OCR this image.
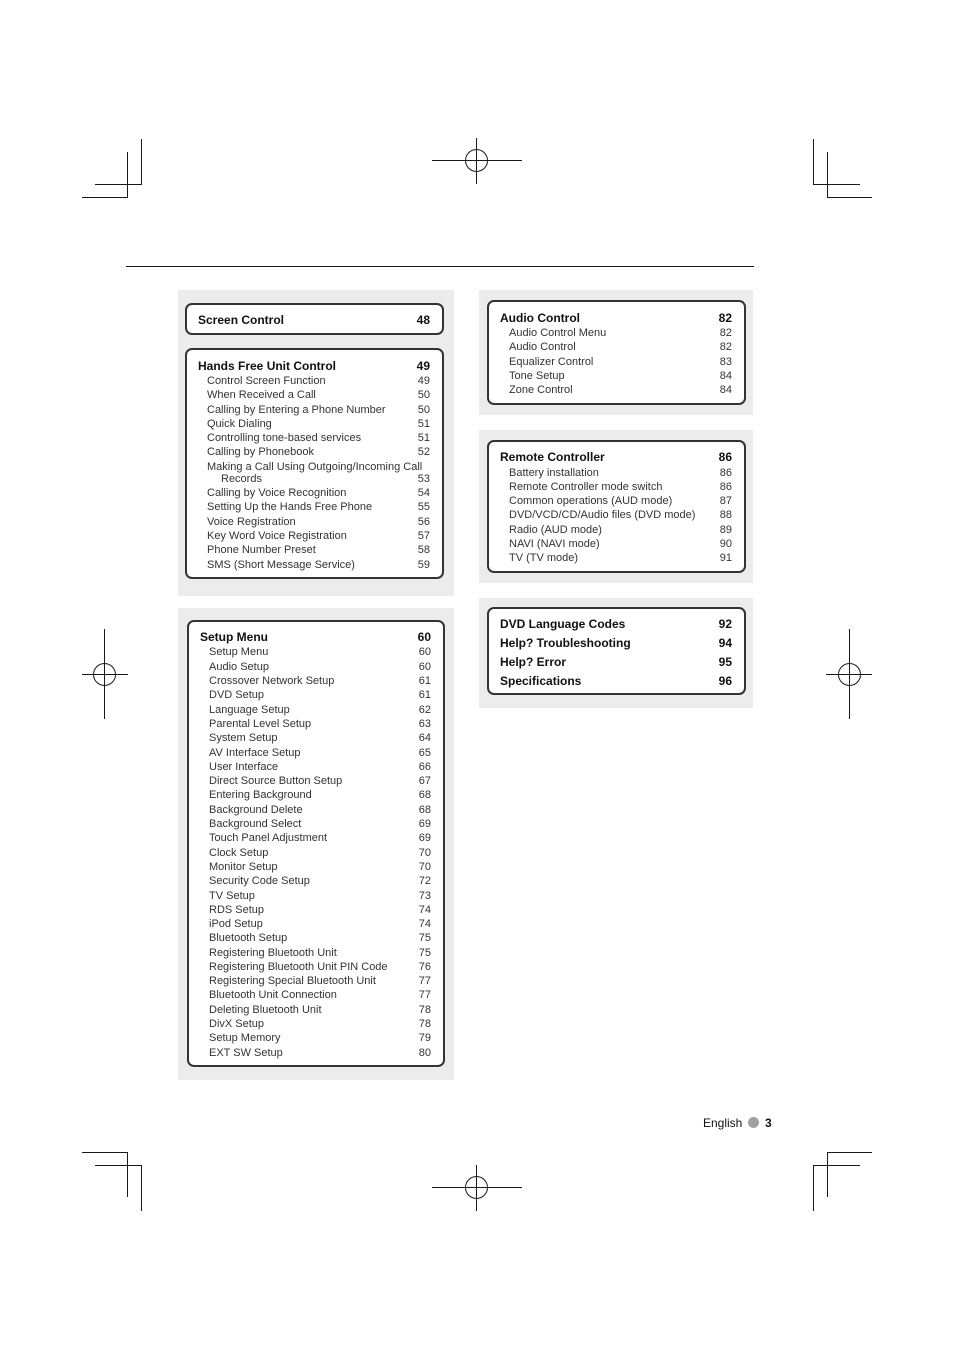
Screen Control	48
Hands Free Unit Control	49
Control Screen Function	49
When Received a Call	50
Calling by Entering a Phone Number	50
Quick Dialing	51
Controlling tone-based services	51
Calling by Phonebook	52
Making a Call Using Outgoing/Incoming Call
Records	53
Calling by Voice Recognition	54
Setting Up the Hands Free Phone	55
Voice Registration	56
Key Word Voice Registration	57
Phone Number Preset	58
SMS (Short Message Service)	59
Setup Menu	60
Setup Menu	60
Audio Setup	60
Crossover Network Setup	61
DVD Setup	61
Language Setup	62
Parental Level Setup	63
System Setup	64
AV Interface Setup	65
User Interface	66
Direct Source Button Setup	67
Entering Background	68
Background Delete	68
Background Select	69
Touch Panel Adjustment	69
Clock Setup	70
Monitor Setup	70
Security Code Setup	72
TV Setup	73
RDS Setup	74
iPod Setup	74
Bluetooth Setup	75
Registering Bluetooth Unit	75
Registering Bluetooth Unit PIN Code	76
Registering Special Bluetooth Unit	77
Bluetooth Unit Connection	77
Deleting Bluetooth Unit	78
DivX Setup	78
Setup Memory	79
EXT SW Setup	80
Audio Control	82
Audio Control Menu	82
Audio Control	82
Equalizer Control	83
Tone Setup	84
Zone Control	84
Remote Controller	86
Battery installation	86
Remote Controller mode switch	86
Common operations (AUD mode)	87
DVD/VCD/CD/Audio files (DVD mode) 88
Radio (AUD mode)	89
NAVI (NAVI mode)	90
TV (TV mode)	91
DVD Language Codes	92
Help? Troubleshooting	94
Help? Error	95
Specifications	96
English 3
